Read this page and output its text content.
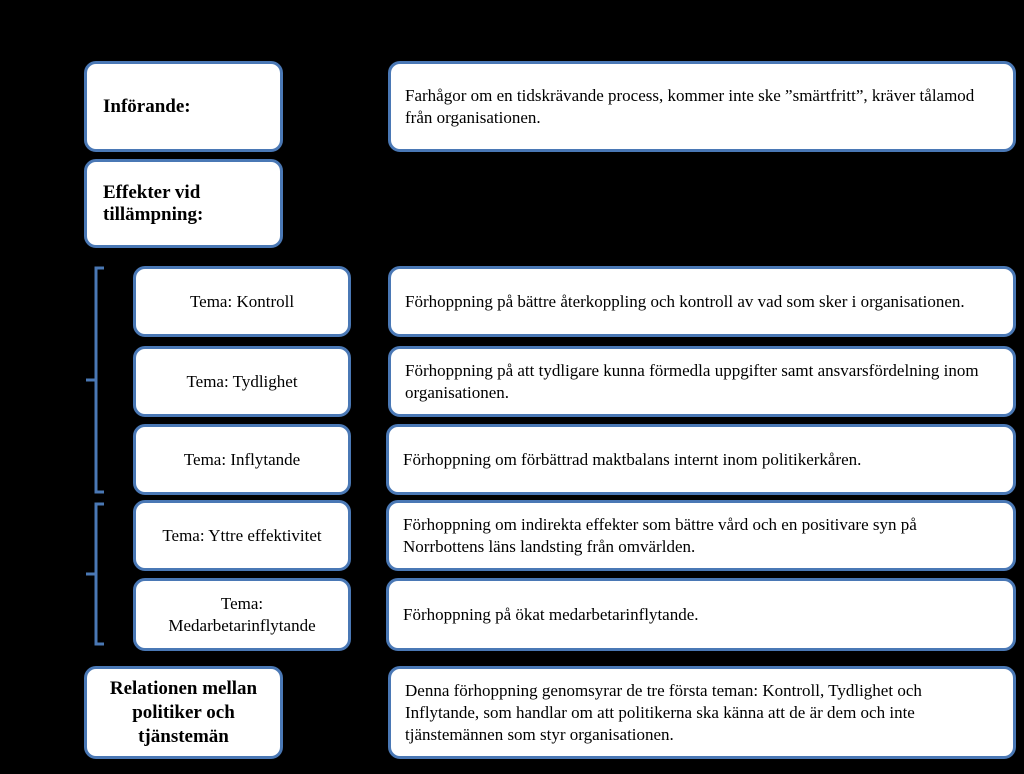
Införande:
Effekter vid tillämpning:
Tema: Kontroll
Tema: Tydlighet
Tema: Inflytande
Tema: Yttre effektivitet
Tema: Medarbetarinflytande
Relationen mellan politiker och tjänstemän
Farhågor om en tidskrävande process, kommer inte ske ”smärtfritt”, kräver tålamod från organisationen.
Förhoppning på bättre återkoppling och kontroll av vad som sker i organisationen.
Förhoppning på att tydligare kunna förmedla uppgifter samt ansvarsfördelning inom organisationen.
Förhoppning om förbättrad maktbalans internt inom politikerkåren.
Förhoppning om indirekta effekter som bättre vård och en positivare syn på Norrbottens läns landsting från omvärlden.
Förhoppning på ökat medarbetarinflytande.
Denna förhoppning genomsyrar de tre första teman: Kontroll, Tydlighet och Inflytande, som handlar om att politikerna ska känna att de är dem och inte tjänstemännen som styr organisationen.
